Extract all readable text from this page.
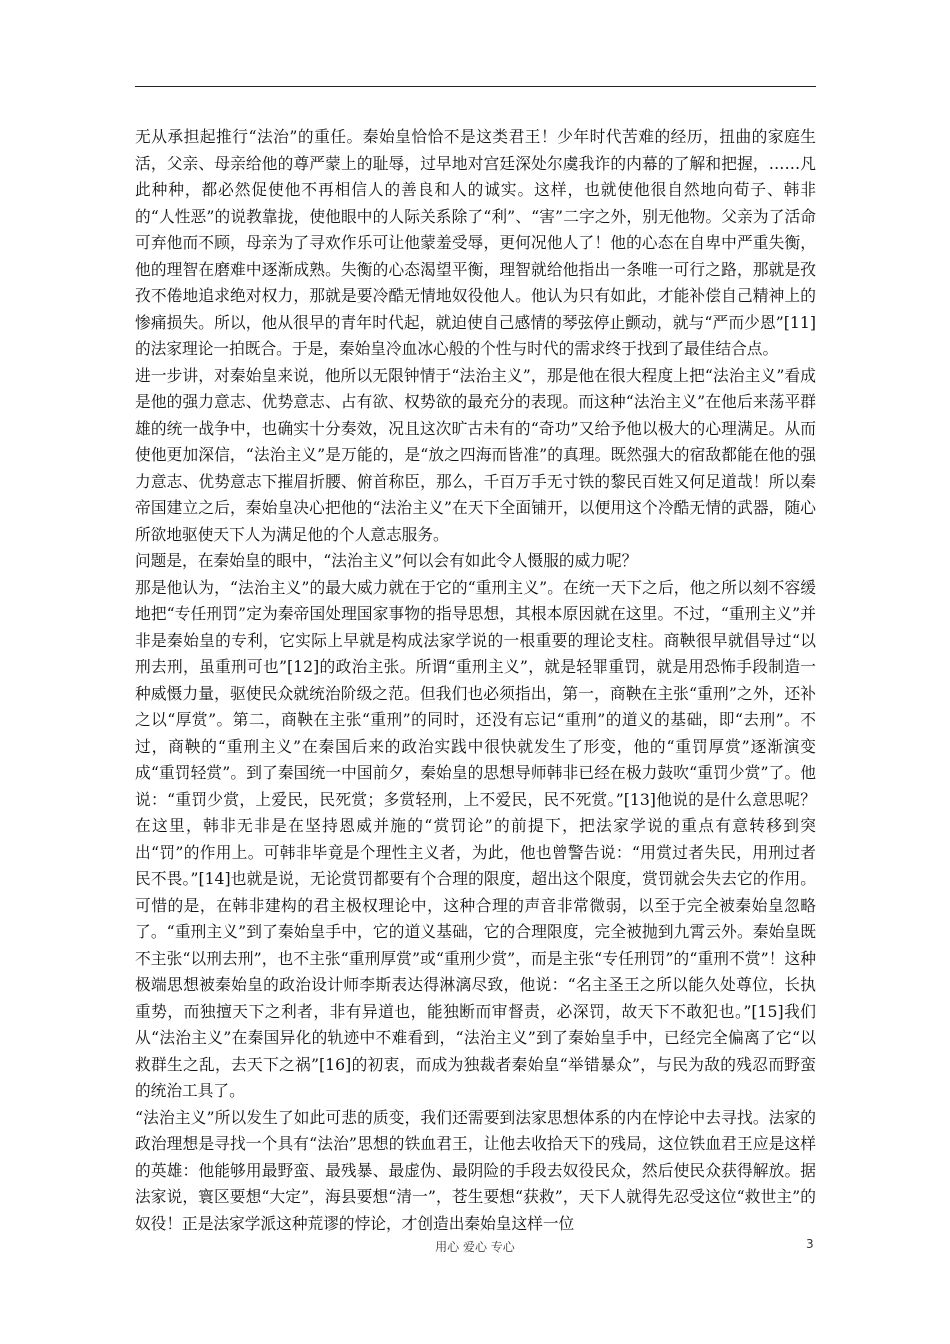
无从承担起推行“法治”的重任。秦始皇恰恰不是这类君王！少年时代苦难的经历，扭曲的家庭生活，父亲、母亲给他的尊严蒙上的耻辱，过早地对宫廷深处尔虞我诈的内幕的了解和把握，……凡此种种，都必然促使他不再相信人的善良和人的诚实。这样，也就使他很自然地向荀子、韩非的“人性恶”的说教靠拢，使他眼中的人际关系除了“利”、“害”二字之外，别无他物。父亲为了活命可弃他而不顾，母亲为了寻欢作乐可让他蒙羞受辱，更何况他人了！他的心态在自卑中严重失衡，他的理智在磨难中逐渐成熟。失衡的心态渴望平衡，理智就给他指出一条唯一可行之路，那就是孜孜不倦地追求绝对权力，那就是要冷酷无情地奴役他人。他认为只有如此，才能补偿自己精神上的惨痛损失。所以，他从很早的青年时代起，就迫使自己感情的琴弦停止颤动，就与“严而少恩”[11]的法家理论一拍既合。于是，秦始皇冷血冰心般的个性与时代的需求终于找到了最佳结合点。

进一步讲，对秦始皇来说，他所以无限钟情于“法治主义”，那是他在很大程度上把“法治主义”看成是他的强力意志、优势意志、占有欲、权势欲的最充分的表现。而这种“法治主义”在他后来荡平群雄的统一战争中，也确实十分奏效，况且这次旷古未有的“奇功”又给予他以极大的心理满足。从而使他更加深信，“法治主义”是万能的，是“放之四海而皆准”的真理。既然强大的宿敌都能在他的强力意志、优势意志下摧眉折腰、俯首称臣，那么，千百万手无寸铁的黎民百姓又何足道哉！所以秦帝国建立之后，秦始皇决心把他的“法治主义”在天下全面铺开，以便用这个冷酷无情的武器，随心所欲地驱使天下人为满足他的个人意志服务。

问题是，在秦始皇的眼中，“法治主义”何以会有如此令人慑服的威力呢？

那是他认为，“法治主义”的最大威力就在于它的“重刑主义”。在统一天下之后，他之所以刻不容缓地把“专任刑罚”定为秦帝国处理国家事物的指导思想，其根本原因就在这里。不过，“重刑主义”并非是秦始皇的专利，它实际上早就是构成法家学说的一根重要的理论支柱。商鞅很早就倡导过“以刑去刑，虽重刑可也”[12]的政治主张。所谓“重刑主义”，就是轻罪重罚，就是用恐怖手段制造一种威慑力量，驱使民众就统治阶级之范。但我们也必须指出，第一，商鞅在主张“重刑”之外，还补之以“厚赏”。第二，商鞅在主张“重刑”的同时，还没有忘记“重刑”的道义的基础，即“去刑”。不过，商鞅的“重刑主义”在秦国后来的政治实践中很快就发生了形变，他的“重罚厚赏”逐渐演变成“重罚轻赏”。到了秦国统一中国前夕，秦始皇的思想导师韩非已经在极力鼓吹“重罚少赏”了。他说：“重罚少赏，上爱民，民死赏；多赏轻刑，上不爱民，民不死赏。”[13]他说的是什么意思呢？在这里，韩非无非是在坚持恩威并施的“赏罚论”的前提下，把法家学说的重点有意转移到突出“罚”的作用上。可韩非毕竟是个理性主义者，为此，他也曾警告说：“用赏过者失民，用刑过者民不畏。”[14]也就是说，无论赏罚都要有个合理的限度，超出这个限度，赏罚就会失去它的作用。可惜的是，在韩非建构的君主极权理论中，这种合理的声音非常微弱，以至于完全被秦始皇忽略了。“重刑主义”到了秦始皇手中，它的道义基础，它的合理限度，完全被抛到九霄云外。秦始皇既不主张“以刑去刑”，也不主张“重刑厚赏”或“重刑少赏”，而是主张“专任刑罚”的“重刑不赏”！这种极端思想被秦始皇的政治设计师李斯表达得淋漓尽致，他说：“名主圣王之所以能久处尊位，长执重势，而独擅天下之利者，非有异道也，能独断而审督责，必深罚，故天下不敢犯也。”[15]我们从“法治主义”在秦国异化的轨迹中不难看到，“法治主义”到了秦始皇手中，已经完全偏离了它“以救群生之乱，去天下之祸”[16]的初衷，而成为独裁者秦始皇“举错暴众”，与民为敌的残忍而野蛮的统治工具了。

“法治主义”所以发生了如此可悲的质变，我们还需要到法家思想体系的内在悖论中去寻找。法家的政治理想是寻找一个具有“法治”思想的铁血君王，让他去收拾天下的残局，这位铁血君王应是这样的英雄：他能够用最野蛮、最残暴、最虚伪、最阴险的手段去奴役民众，然后使民众获得解放。据法家说，寰区要想“大定”，海县要想“清一”，苍生要想“获救”，天下人就得先忍受这位“救世主”的奴役！正是法家学派这种荒谬的悖论，才创造出秦始皇这样一位

用心 爱心 专心	3
